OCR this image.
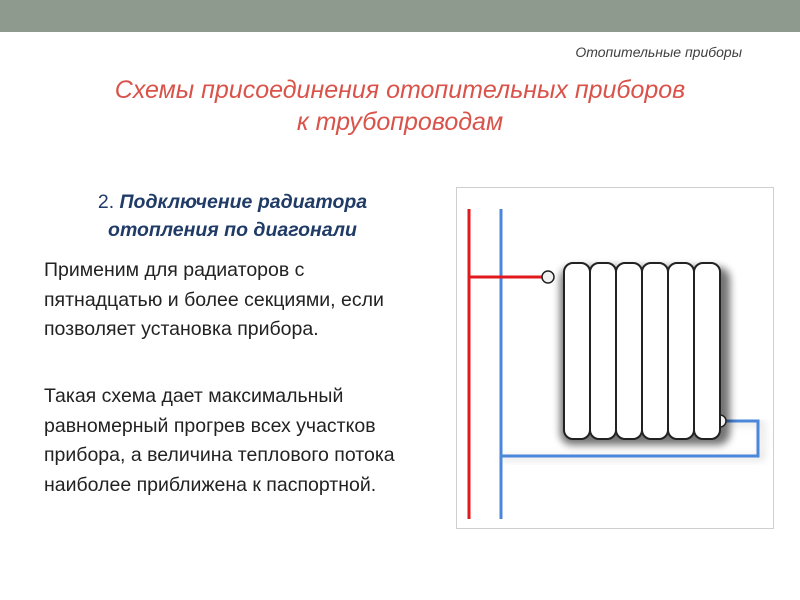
Отопительные приборы
Схемы присоединения отопительных приборов
к трубопроводам
2. Подключение радиатора отопления по диагонали
Применим для радиаторов с пятнадцатью и более секциями, если позволяет установка прибора.
Такая схема дает максимальный равномерный прогрев всех участков прибора, а величина теплового потока наиболее приближена к паспортной.
